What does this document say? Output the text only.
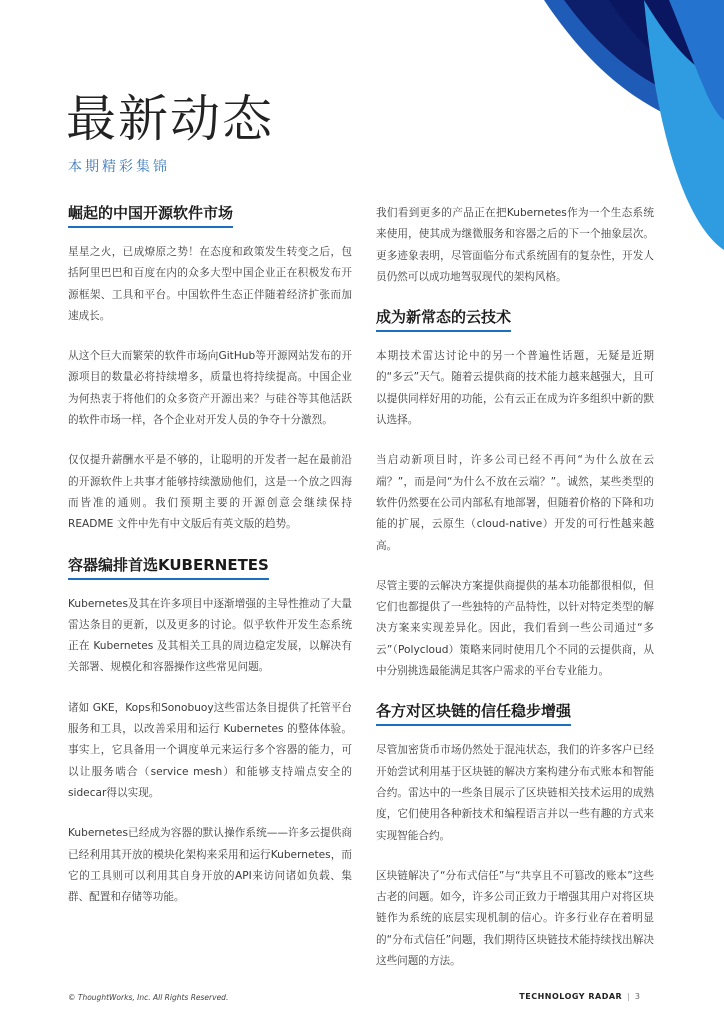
最新动态

本期精彩集锦

崛起的中国开源软件市场

星星之火，已成燎原之势！在态度和政策发生转变之后，包括阿里巴巴和百度在内的众多大型中国企业正在积极发布开源框架、工具和平台。中国软件生态正伴随着经济扩张而加速成长。

从这个巨大而繁荣的软件市场向GitHub等开源网站发布的开源项目的数量必将持续增多，质量也将持续提高。中国企业为何热衷于将他们的众多资产开源出来？与硅谷等其他活跃的软件市场一样，各个企业对开发人员的争夺十分激烈。

仅仅提升薪酬水平是不够的，让聪明的开发者一起在最前沿的开源软件上共事才能够持续激励他们，这是一个放之四海而皆准的通则。我们预期主要的开源创意会继续保持README 文件中先有中文版后有英文版的趋势。

容器编排首选KUBERNETES

Kubernetes及其在许多项目中逐渐增强的主导性推动了大量雷达条目的更新，以及更多的讨论。似乎软件开发生态系统正在 Kubernetes 及其相关工具的周边稳定发展，以解决有关部署、规模化和容器操作这些常见问题。

诸如 GKE，Kops和Sonobuoy这些雷达条目提供了托管平台服务和工具，以改善采用和运行 Kubernetes 的整体体验。事实上，它具备用一个调度单元来运行多个容器的能力，可以让服务啮合（service mesh）和能够支持端点安全的sidecar得以实现。

Kubernetes已经成为容器的默认操作系统——许多云提供商已经利用其开放的模块化架构来采用和运行Kubernetes，而它的工具则可以利用其自身开放的API来访问诸如负载、集群、配置和存储等功能。

我们看到更多的产品正在把Kubernetes作为一个生态系统来使用，使其成为继微服务和容器之后的下一个抽象层次。更多迹象表明，尽管面临分布式系统固有的复杂性，开发人员仍然可以成功地驾驭现代的架构风格。

成为新常态的云技术

本期技术雷达讨论中的另一个普遍性话题，无疑是近期的“多云”天气。随着云提供商的技术能力越来越强大，且可以提供同样好用的功能，公有云正在成为许多组织中新的默认选择。

当启动新项目时，许多公司已经不再问“为什么放在云端？”，而是问“为什么不放在云端？”。诚然，某些类型的软件仍然要在公司内部私有地部署，但随着价格的下降和功能的扩展，云原生（cloud-native）开发的可行性越来越高。

尽管主要的云解决方案提供商提供的基本功能都很相似，但它们也都提供了一些独特的产品特性，以针对特定类型的解决方案来实现差异化。因此，我们看到一些公司通过“多云”（Polycloud）策略来同时使用几个不同的云提供商，从中分别挑选最能满足其客户需求的平台专业能力。

各方对区块链的信任稳步增强

尽管加密货币市场仍然处于混沌状态，我们的许多客户已经开始尝试利用基于区块链的解决方案构建分布式账本和智能合约。雷达中的一些条目展示了区块链相关技术运用的成熟度，它们使用各种新技术和编程语言并以一些有趣的方式来实现智能合约。

区块链解决了“分布式信任”与“共享且不可篡改的账本”这些古老的问题。如今，许多公司正致力于增强其用户对将区块链作为系统的底层实现机制的信心。许多行业存在着明显的“分布式信任”问题，我们期待区块链技术能持续找出解决这些问题的方法。

© ThoughtWorks, Inc. All Rights Reserved.	TECHNOLOGY RADAR | 3
